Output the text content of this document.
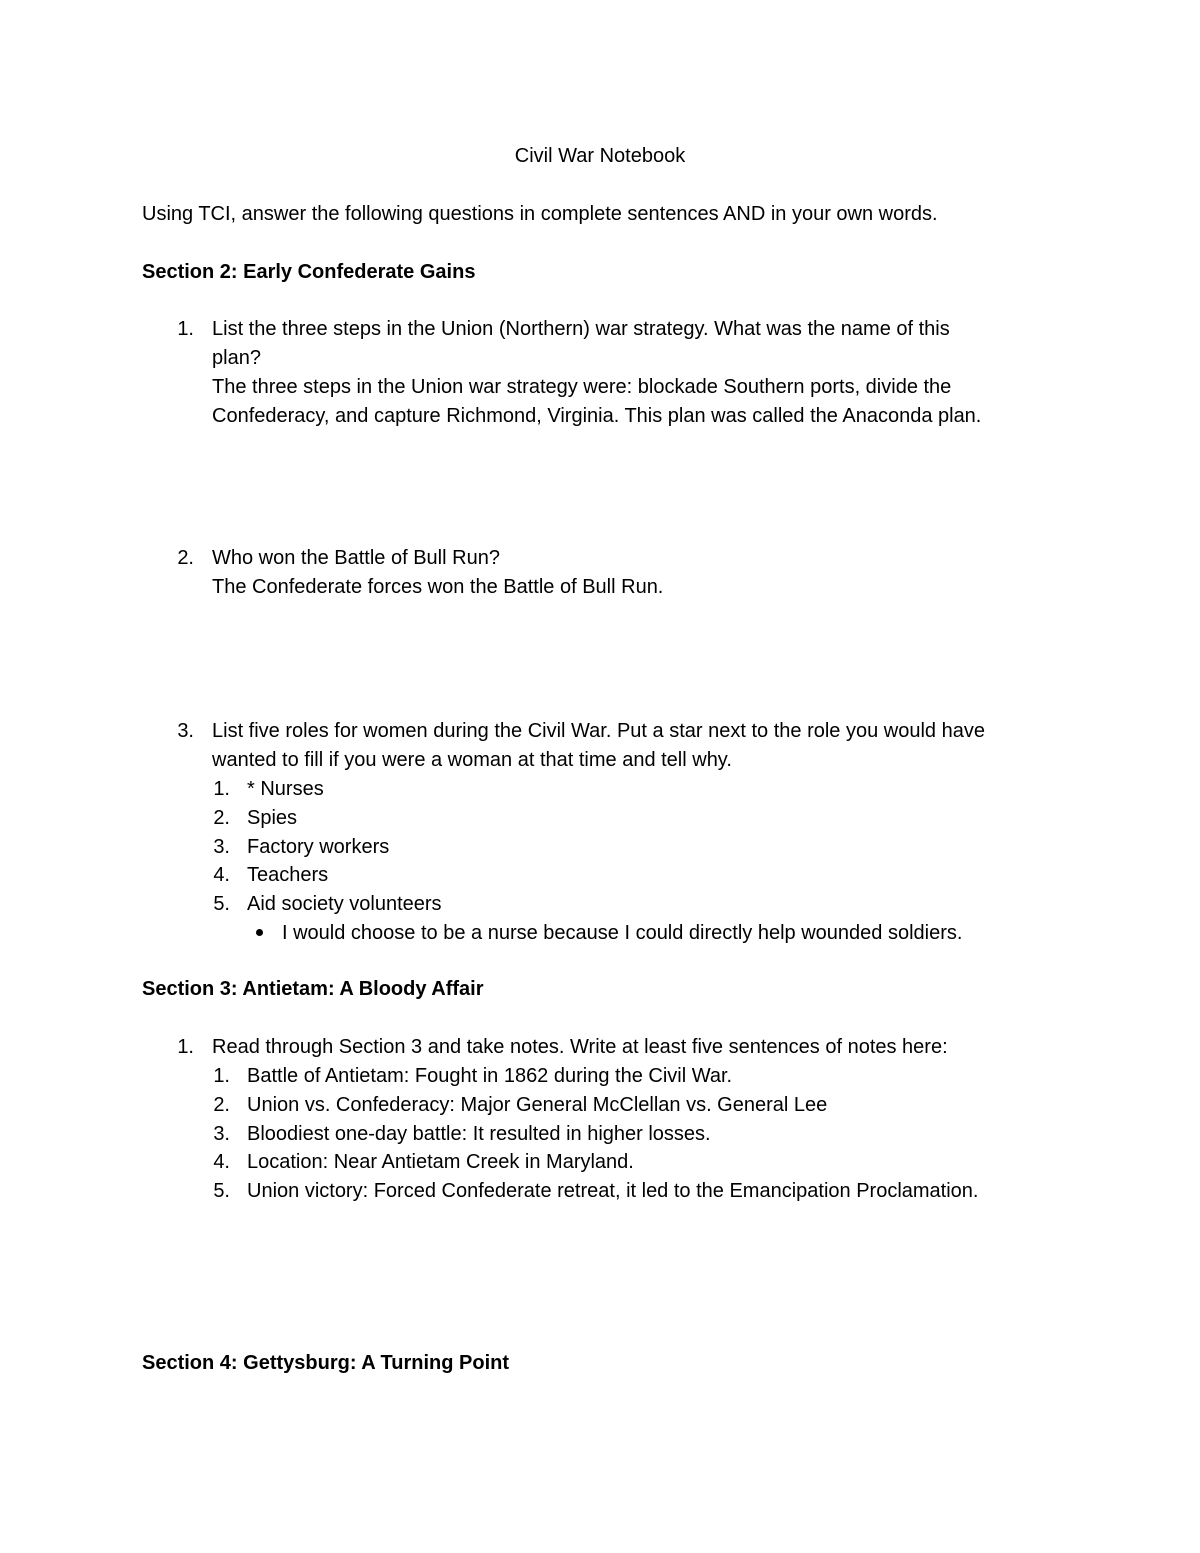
Civil War Notebook
Using TCI, answer the following questions in complete sentences AND in your own words.
Section 2: Early Confederate Gains
1. List the three steps in the Union (Northern) war strategy. What was the name of this
plan?
The three steps in the Union war strategy were: blockade Southern ports, divide the
Confederacy, and capture Richmond, Virginia. This plan was called the Anaconda plan.
2. Who won the Battle of Bull Run?
The Confederate forces won the Battle of Bull Run.
3. List five roles for women during the Civil War. Put a star next to the role you would have
wanted to fill if you were a woman at that time and tell why.
1. * Nurses
2. Spies
3. Factory workers
4. Teachers
5. Aid society volunteers
I would choose to be a nurse because I could directly help wounded soldiers.
Section 3: Antietam: A Bloody Affair
1. Read through Section 3 and take notes. Write at least five sentences of notes here:
1. Battle of Antietam: Fought in 1862 during the Civil War.
2. Union vs. Confederacy: Major General McClellan vs. General Lee
3. Bloodiest one-day battle: It resulted in higher losses.
4. Location: Near Antietam Creek in Maryland.
5. Union victory: Forced Confederate retreat, it led to the Emancipation Proclamation.
Section 4: Gettysburg: A Turning Point
